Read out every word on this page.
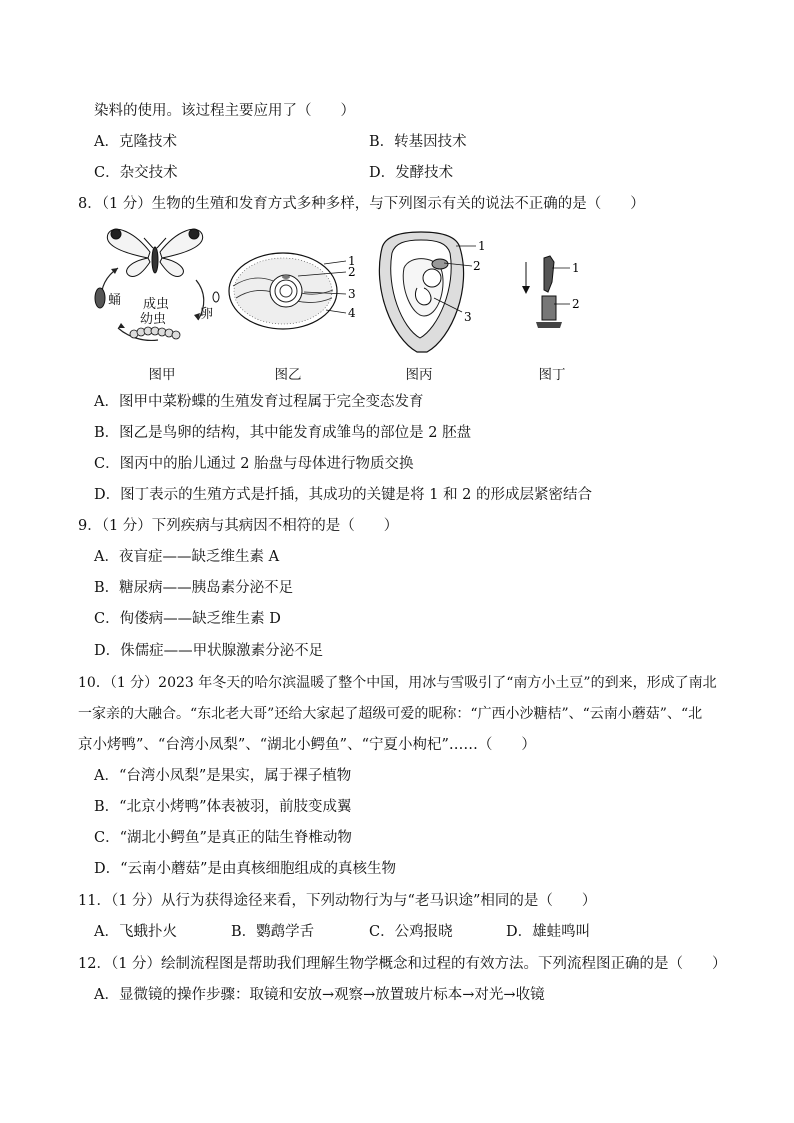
染料的使用。该过程主要应用了（　　）
A．克隆技术	B．转基因技术
C．杂交技术	D．发酵技术
8．（1 分）生物的生殖和发育方式多种多样，与下列图示有关的说法不正确的是（　　）
成虫
卵
蛹
幼虫
图甲
1
2
3
4
图乙
1
2
3
图丙
1
2
图丁
A．图甲中菜粉蝶的生殖发育过程属于完全变态发育
B．图乙是鸟卵的结构，其中能发育成雏鸟的部位是 2 胚盘
C．图丙中的胎儿通过 2 胎盘与母体进行物质交换
D．图丁表示的生殖方式是扦插，其成功的关键是将 1 和 2 的形成层紧密结合
9．（1 分）下列疾病与其病因不相符的是（　　）
A．夜盲症——缺乏维生素 A
B．糖尿病——胰岛素分泌不足
C．佝偻病——缺乏维生素 D
D．侏儒症——甲状腺激素分泌不足
10．（1 分）2023 年冬天的哈尔滨温暖了整个中国，用冰与雪吸引了“南方小土豆”的到来，形成了南北
一家亲的大融合。“东北老大哥”还给大家起了超级可爱的昵称：“广西小沙糖桔”、“云南小蘑菇”、“北
京小烤鸭”、“台湾小凤梨”、“湖北小鳄鱼”、“宁夏小枸杞”……（　　）
A．“台湾小凤梨”是果实，属于裸子植物
B．“北京小烤鸭”体表被羽，前肢变成翼
C．“湖北小鳄鱼”是真正的陆生脊椎动物
D．“云南小蘑菇”是由真核细胞组成的真核生物
11．（1 分）从行为获得途径来看，下列动物行为与“老马识途”相同的是（　　）
A．飞蛾扑火	B．鹦鹉学舌	C．公鸡报晓	D．雄蛙鸣叫
12．（1 分）绘制流程图是帮助我们理解生物学概念和过程的有效方法。下列流程图正确的是（　　）
A．显微镜的操作步骤：取镜和安放→观察→放置玻片标本→对光→收镜
